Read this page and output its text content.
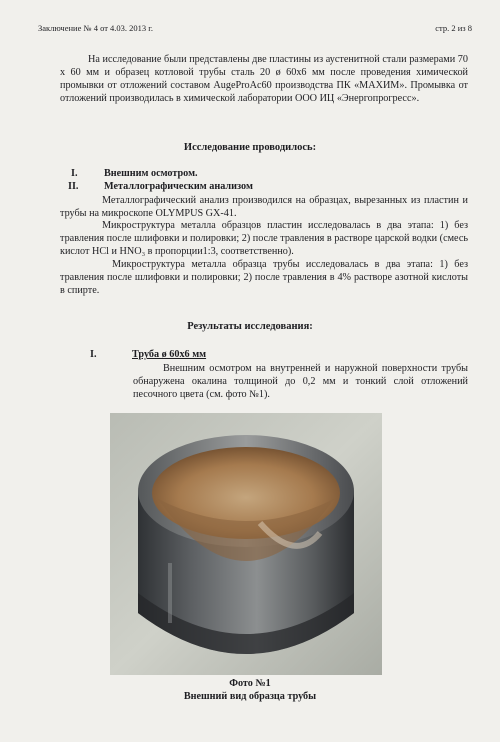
Заключение № 4 от 4.03. 2013 г.	стр. 2 из 8

На исследование были представлены две пластины из аустенитной стали размерами 70 х 60 мм и образец котловой трубы сталь 20 ø 60х6 мм после проведения химической промывки от отложений составом AugeProAc60 производства ПК «МАХИМ». Промывка от отложений производилась в химической лаборатории ООО ИЦ «Энергопрогресс».

Исследование проводилось:
I.	Внешним осмотром.
II.	Металлографическим анализом

Металлографический анализ производился на образцах, вырезанных из пластин и трубы на микроскопе OLYMPUS GX-41.

Микроструктура металла образцов пластин исследовалась в два этапа: 1) без травления после шлифовки и полировки; 2) после травления в растворе царской водки (смесь кислот HCl и HNO₃ в пропорции1:3, соответственно).

Микроструктура металла образца трубы исследовалась в два этапа: 1) без травления после шлифовки и полировки; 2) после травления в 4% растворе азотной кислоты в спирте.

Результаты исследования:
I.	Труба ø 60х6 мм

Внешним осмотром на внутренней и наружной поверхности трубы обнаружена окалина толщиной до 0,2 мм и тонкий слой отложений песочного цвета (см. фото №1).

Фото №1
Внешний вид образца трубы
